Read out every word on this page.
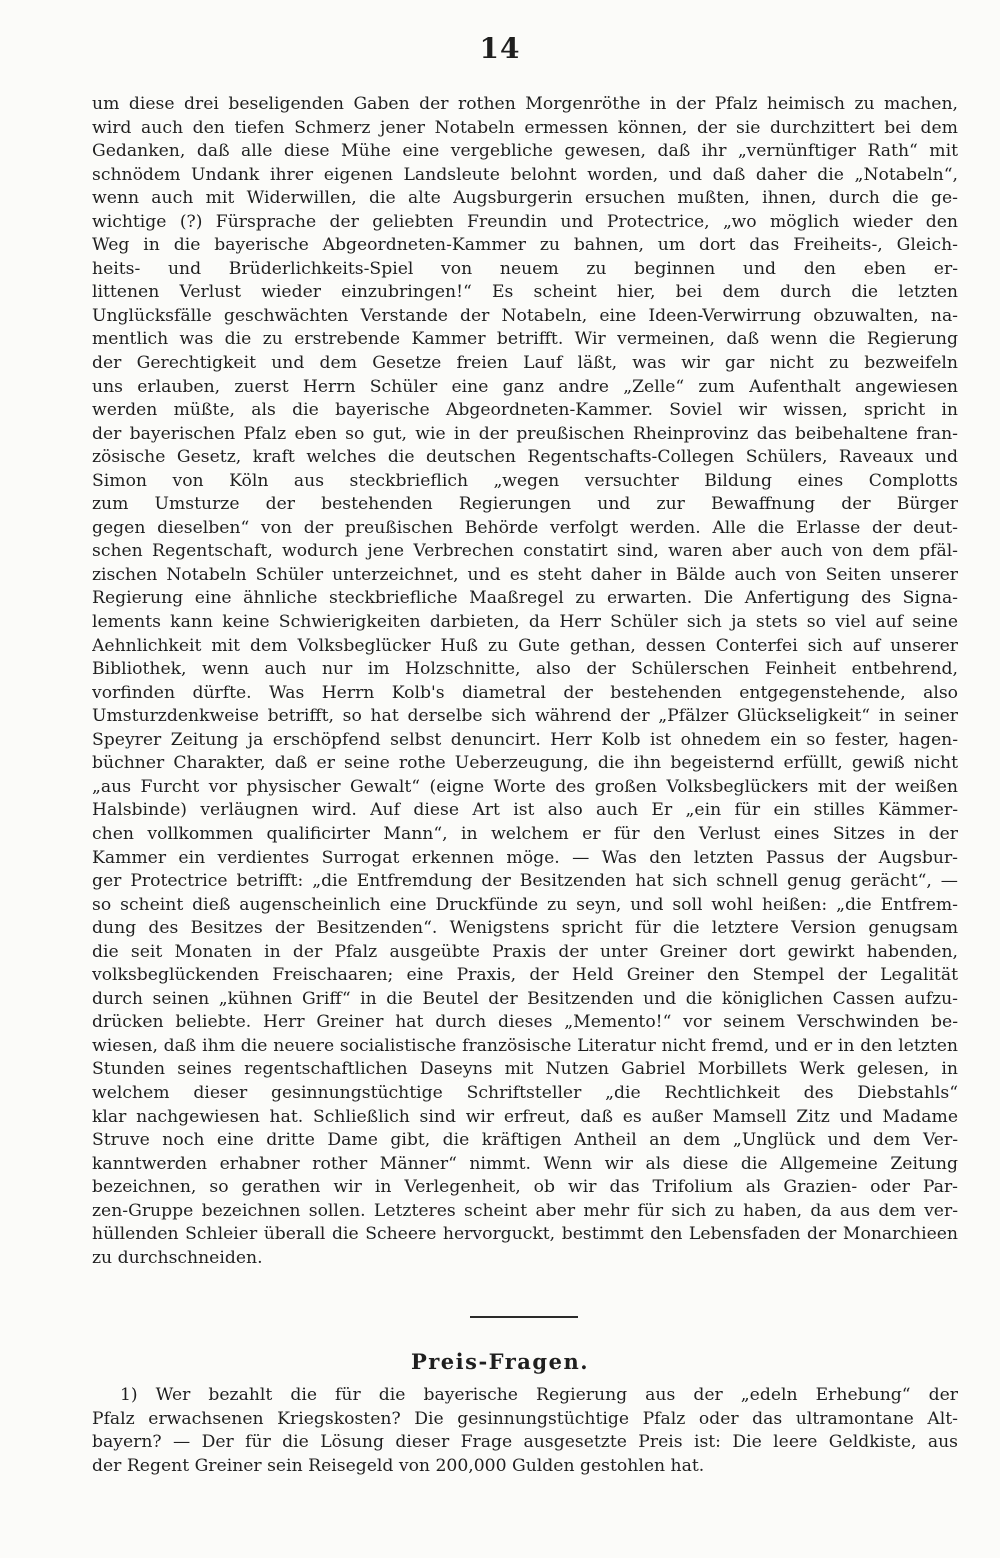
14
um diese drei beseligenden Gaben der rothen Morgenröthe in der Pfalz heimisch zu machen,
wird auch den tiefen Schmerz jener Notabeln ermessen können, der sie durchzittert bei dem
Gedanken, daß alle diese Mühe eine vergebliche gewesen, daß ihr „vernünftiger Rath“ mit
schnödem Undank ihrer eigenen Landsleute belohnt worden, und daß daher die „Notabeln“,
wenn auch mit Widerwillen, die alte Augsburgerin ersuchen mußten, ihnen, durch die ge-
wichtige (?) Fürsprache der geliebten Freundin und Protectrice, „wo möglich wieder den
Weg in die bayerische Abgeordneten-Kammer zu bahnen, um dort das Freiheits-, Gleich-
heits- und Brüderlichkeits-Spiel von neuem zu beginnen und den eben er-
littenen Verlust wieder einzubringen!“ Es scheint hier, bei dem durch die letzten
Unglücksfälle geschwächten Verstande der Notabeln, eine Ideen-Verwirrung obzuwalten, na-
mentlich was die zu erstrebende Kammer betrifft. Wir vermeinen, daß wenn die Regierung
der Gerechtigkeit und dem Gesetze freien Lauf läßt, was wir gar nicht zu bezweifeln
uns erlauben, zuerst Herrn Schüler eine ganz andre „Zelle“ zum Aufenthalt angewiesen
werden müßte, als die bayerische Abgeordneten-Kammer. Soviel wir wissen, spricht in
der bayerischen Pfalz eben so gut, wie in der preußischen Rheinprovinz das beibehaltene fran-
zösische Gesetz, kraft welches die deutschen Regentschafts-Collegen Schülers, Raveaux und
Simon von Köln aus steckbrieflich „wegen versuchter Bildung eines Complotts
zum Umsturze der bestehenden Regierungen und zur Bewaffnung der Bürger
gegen dieselben“ von der preußischen Behörde verfolgt werden. Alle die Erlasse der deut-
schen Regentschaft, wodurch jene Verbrechen constatirt sind, waren aber auch von dem pfäl-
zischen Notabeln Schüler unterzeichnet, und es steht daher in Bälde auch von Seiten unserer
Regierung eine ähnliche steckbriefliche Maaßregel zu erwarten. Die Anfertigung des Signa-
lements kann keine Schwierigkeiten darbieten, da Herr Schüler sich ja stets so viel auf seine
Aehnlichkeit mit dem Volksbeglücker Huß zu Gute gethan, dessen Conterfei sich auf unserer
Bibliothek, wenn auch nur im Holzschnitte, also der Schülerschen Feinheit entbehrend,
vorfinden dürfte. Was Herrn Kolb's diametral der bestehenden entgegenstehende, also
Umsturzdenkweise betrifft, so hat derselbe sich während der „Pfälzer Glückseligkeit“ in seiner
Speyrer Zeitung ja erschöpfend selbst denuncirt. Herr Kolb ist ohnedem ein so fester, hagen-
büchner Charakter, daß er seine rothe Ueberzeugung, die ihn begeisternd erfüllt, gewiß nicht
„aus Furcht vor physischer Gewalt“ (eigne Worte des großen Volksbeglückers mit der weißen
Halsbinde) verläugnen wird. Auf diese Art ist also auch Er „ein für ein stilles Kämmer-
chen vollkommen qualificirter Mann“, in welchem er für den Verlust eines Sitzes in der
Kammer ein verdientes Surrogat erkennen möge. — Was den letzten Passus der Augsbur-
ger Protectrice betrifft: „die Entfremdung der Besitzenden hat sich schnell genug gerächt“, —
so scheint dieß augenscheinlich eine Druckfünde zu seyn, und soll wohl heißen: „die Entfrem-
dung des Besitzes der Besitzenden“. Wenigstens spricht für die letztere Version genugsam
die seit Monaten in der Pfalz ausgeübte Praxis der unter Greiner dort gewirkt habenden,
volksbeglückenden Freischaaren; eine Praxis, der Held Greiner den Stempel der Legalität
durch seinen „kühnen Griff“ in die Beutel der Besitzenden und die königlichen Cassen aufzu-
drücken beliebte. Herr Greiner hat durch dieses „Memento!“ vor seinem Verschwinden be-
wiesen, daß ihm die neuere socialistische französische Literatur nicht fremd, und er in den letzten
Stunden seines regentschaftlichen Daseyns mit Nutzen Gabriel Morbillets Werk gelesen, in
welchem dieser gesinnungstüchtige Schriftsteller „die Rechtlichkeit des Diebstahls“
klar nachgewiesen hat. Schließlich sind wir erfreut, daß es außer Mamsell Zitz und Madame
Struve noch eine dritte Dame gibt, die kräftigen Antheil an dem „Unglück und dem Ver-
kanntwerden erhabner rother Männer“ nimmt. Wenn wir als diese die Allgemeine Zeitung
bezeichnen, so gerathen wir in Verlegenheit, ob wir das Trifolium als Grazien- oder Par-
zen-Gruppe bezeichnen sollen. Letzteres scheint aber mehr für sich zu haben, da aus dem ver-
hüllenden Schleier überall die Scheere hervorguckt, bestimmt den Lebensfaden der Monarchieen
zu durchschneiden.
Preis-Fragen.
1) Wer bezahlt die für die bayerische Regierung aus der „edeln Erhebung“ der
Pfalz erwachsenen Kriegskosten? Die gesinnungstüchtige Pfalz oder das ultramontane Alt-
bayern? — Der für die Lösung dieser Frage ausgesetzte Preis ist: Die leere Geldkiste, aus
der Regent Greiner sein Reisegeld von 200,000 Gulden gestohlen hat.
